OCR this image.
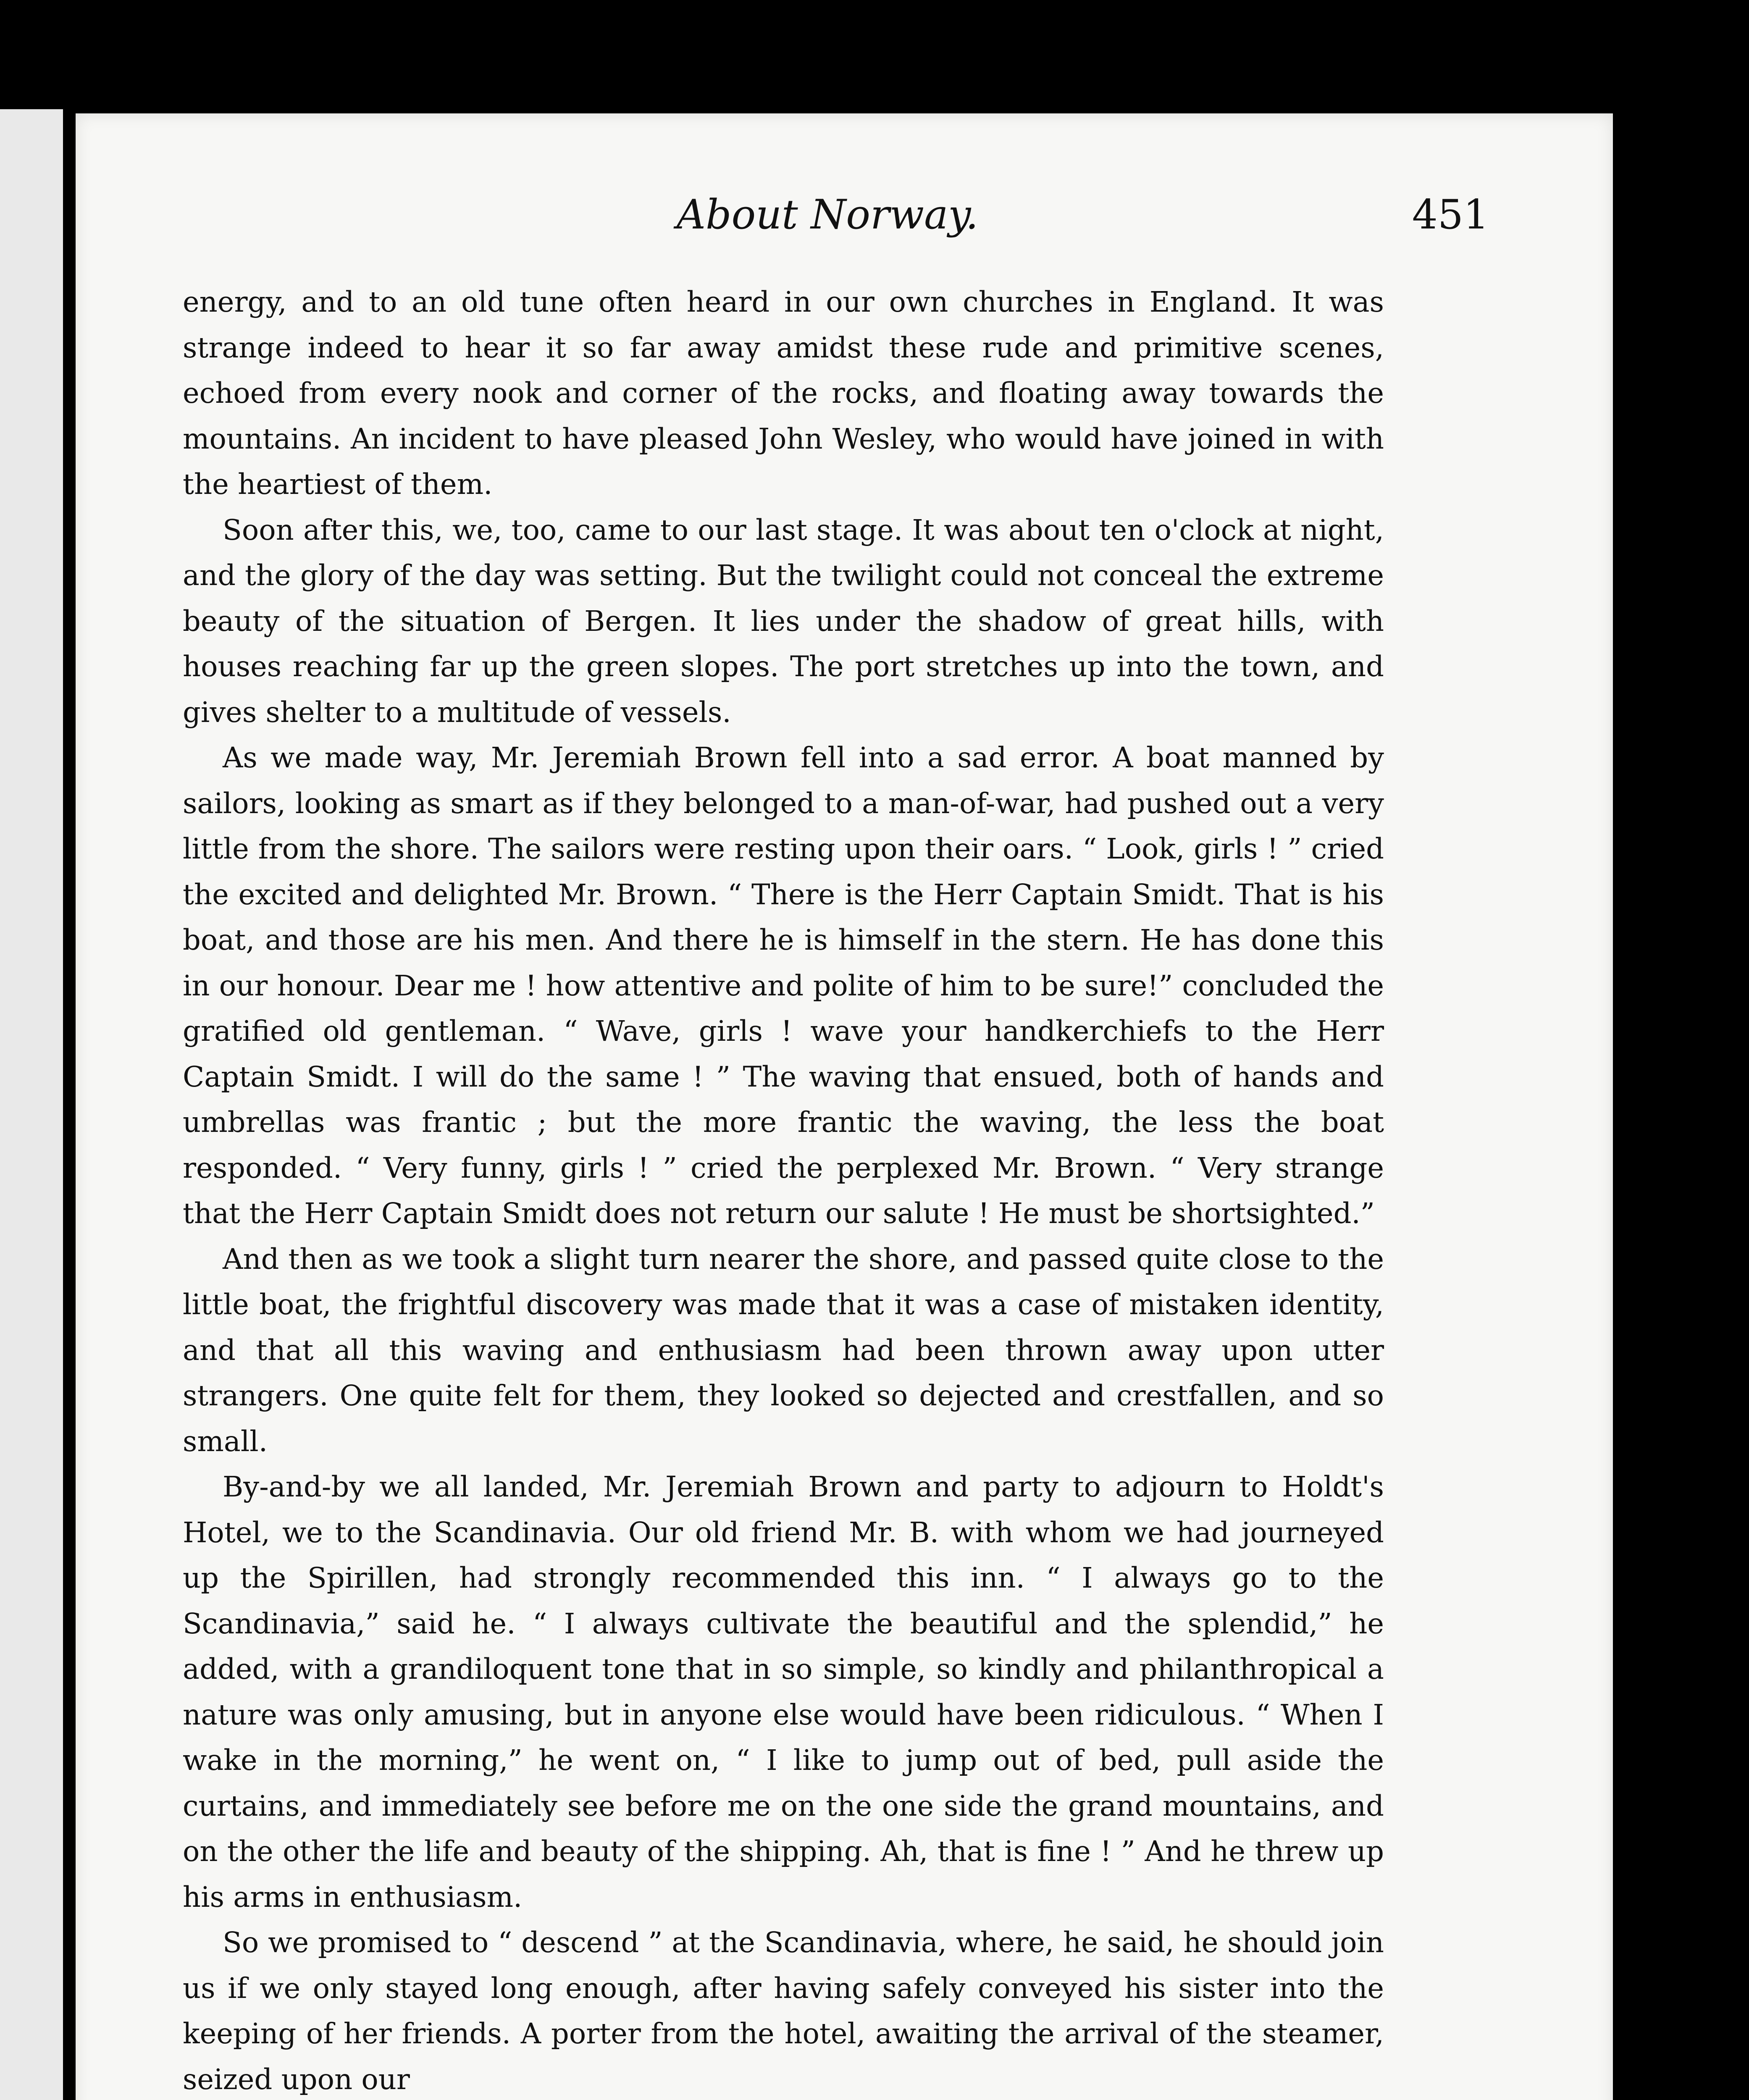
About Norway.	451

energy, and to an old tune often heard in our own churches in England. It was strange indeed to hear it so far away amidst these rude and primitive scenes, echoed from every nook and corner of the rocks, and floating away towards the mountains. An incident to have pleased John Wesley, who would have joined in with the heartiest of them.

Soon after this, we, too, came to our last stage. It was about ten o'clock at night, and the glory of the day was setting. But the twilight could not conceal the extreme beauty of the situation of Bergen. It lies under the shadow of great hills, with houses reaching far up the green slopes. The port stretches up into the town, and gives shelter to a multitude of vessels.

As we made way, Mr. Jeremiah Brown fell into a sad error. A boat manned by sailors, looking as smart as if they belonged to a man-of-war, had pushed out a very little from the shore. The sailors were resting upon their oars. “ Look, girls ! ” cried the excited and delighted Mr. Brown. “ There is the Herr Captain Smidt. That is his boat, and those are his men. And there he is himself in the stern. He has done this in our honour. Dear me ! how attentive and polite of him to be sure!” concluded the gratified old gentleman. “ Wave, girls ! wave your handkerchiefs to the Herr Captain Smidt. I will do the same ! ” The waving that ensued, both of hands and umbrellas was frantic ; but the more frantic the waving, the less the boat responded. “ Very funny, girls ! ” cried the perplexed Mr. Brown. “ Very strange that the Herr Captain Smidt does not return our salute ! He must be shortsighted.”

And then as we took a slight turn nearer the shore, and passed quite close to the little boat, the frightful discovery was made that it was a case of mistaken identity, and that all this waving and enthusiasm had been thrown away upon utter strangers. One quite felt for them, they looked so dejected and crestfallen, and so small.

By-and-by we all landed, Mr. Jeremiah Brown and party to adjourn to Holdt's Hotel, we to the Scandinavia. Our old friend Mr. B. with whom we had journeyed up the Spirillen, had strongly recommended this inn. “ I always go to the Scandinavia,” said he. “ I always cultivate the beautiful and the splendid,” he added, with a grandiloquent tone that in so simple, so kindly and philanthropical a nature was only amusing, but in anyone else would have been ridiculous. “ When I wake in the morning,” he went on, “ I like to jump out of bed, pull aside the curtains, and immediately see before me on the one side the grand mountains, and on the other the life and beauty of the shipping. Ah, that is fine ! ” And he threw up his arms in enthusiasm.

So we promised to “ descend ” at the Scandinavia, where, he said, he should join us if we only stayed long enough, after having safely conveyed his sister into the keeping of her friends. A porter from the hotel, awaiting the arrival of the steamer, seized upon our
